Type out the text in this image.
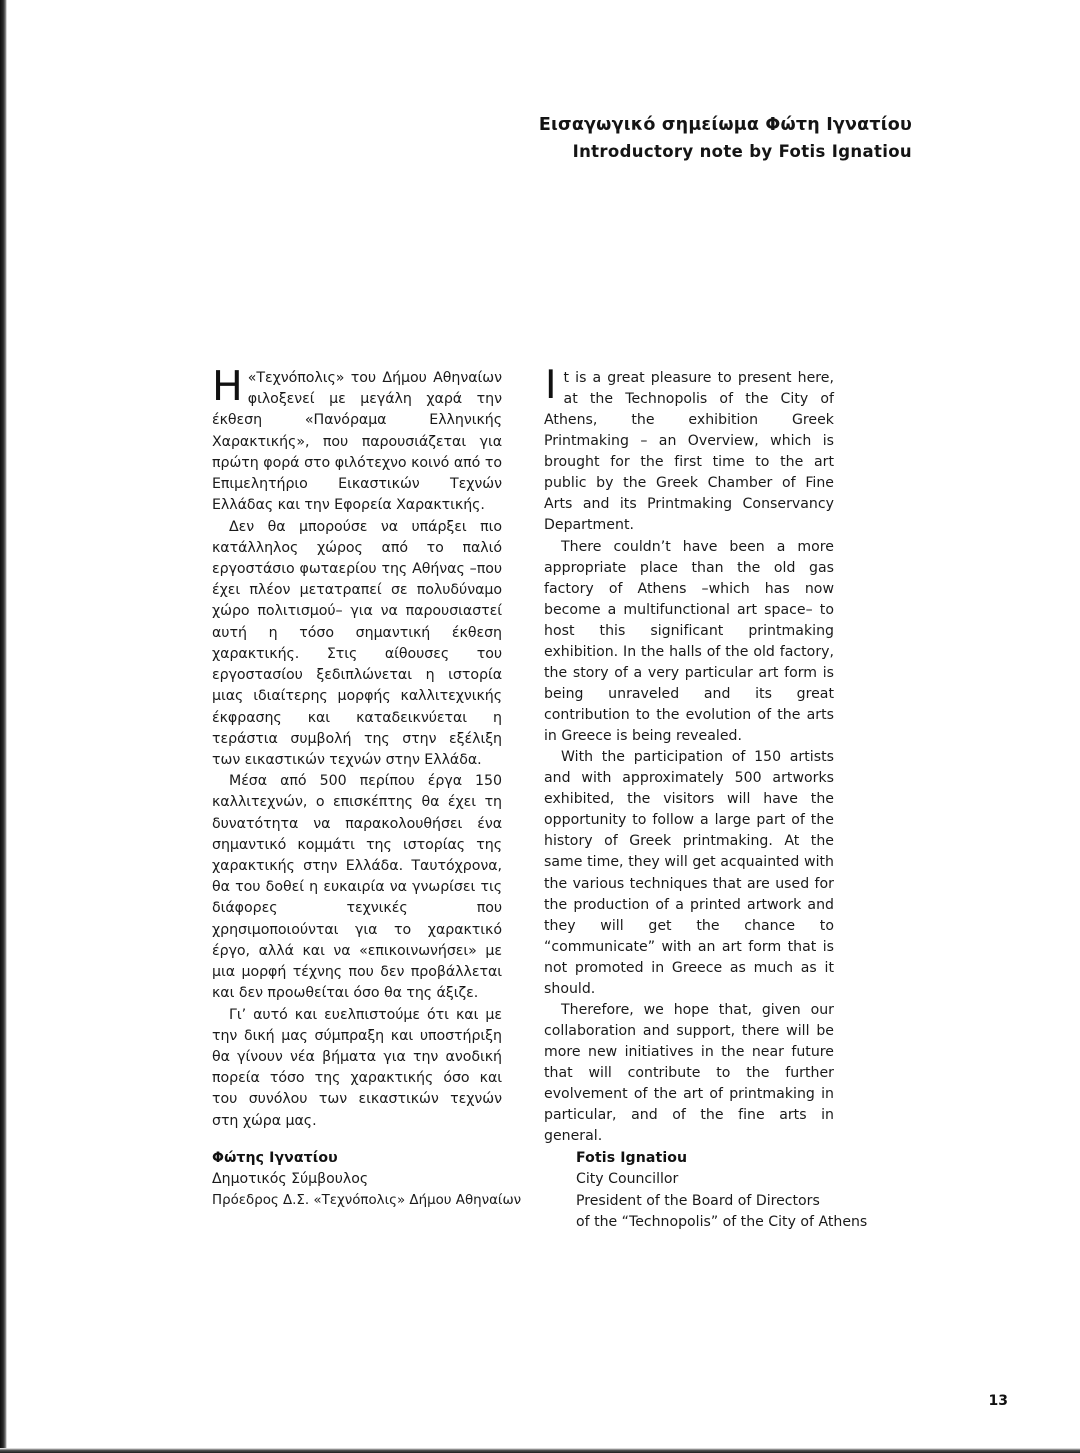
Εισαγωγικό σημείωμα Φώτη Ιγνατίου
Introductory note by Fotis Ignatiou

Η «Τεχνόπολις» του Δήμου Αθηναίων φιλοξενεί με μεγάλη χαρά την έκθεση «Πανόραμα Ελληνικής Χαρακτικής», που παρουσιάζεται για πρώτη φορά στο φιλότεχνο κοινό από το Επιμελητήριο Εικαστικών Τεχνών Ελλάδας και την Εφορεία Χαρακτικής.

Δεν θα μπορούσε να υπάρξει πιο κατάλληλος χώρος από το παλιό εργοστάσιο φωταερίου της Αθήνας –που έχει πλέον μετατραπεί σε πολυδύναμο χώρο πολιτισμού– για να παρουσιαστεί αυτή η τόσο σημαντική έκθεση χαρακτικής. Στις αίθουσες του εργοστασίου ξεδιπλώνεται η ιστορία μιας ιδιαίτερης μορφής καλλιτεχνικής έκφρασης και καταδεικνύεται η τεράστια συμβολή της στην εξέλιξη των εικαστικών τεχνών στην Ελλάδα.

Μέσα από 500 περίπου έργα 150 καλλιτεχνών, ο επισκέπτης θα έχει τη δυνατότητα να παρακολουθήσει ένα σημαντικό κομμάτι της ιστορίας της χαρακτικής στην Ελλάδα. Ταυτόχρονα, θα του δοθεί η ευκαιρία να γνωρίσει τις διάφορες τεχνικές που χρησιμοποιούνται για το χαρακτικό έργο, αλλά και να «επικοινωνήσει» με μια μορφή τέχνης που δεν προβάλλεται και δεν προωθείται όσο θα της άξιζε.

Γι’ αυτό και ευελπιστούμε ότι και με την δική μας σύμπραξη και υποστήριξη θα γίνουν νέα βήματα για την ανοδική πορεία τόσο της χαρακτικής όσο και του συνόλου των εικαστικών τεχνών στη χώρα μας.

It is a great pleasure to present here, at the Technopolis of the City of Athens, the exhibition Greek Printmaking – an Overview, which is brought for the first time to the art public by the Greek Chamber of Fine Arts and its Printmaking Conservancy Department.

There couldn’t have been a more appropriate place than the old gas factory of Athens –which has now become a multifunctional art space– to host this significant printmaking exhibition. In the halls of the old factory, the story of a very particular art form is being unraveled and its great contribution to the evolution of the arts in Greece is being revealed.

With the participation of 150 artists and with approximately 500 artworks exhibited, the visitors will have the opportunity to follow a large part of the history of Greek printmaking. At the same time, they will get acquainted with the various techniques that are used for the production of a printed artwork and they will get the chance to “communicate” with an art form that is not promoted in Greece as much as it should.

Therefore, we hope that, given our collaboration and support, there will be more new initiatives in the near future that will contribute to the further evolvement of the art of printmaking in particular, and of the fine arts in general.

Φώτης Ιγνατίου
Δημοτικός Σύμβουλος
Πρόεδρος Δ.Σ. «Τεχνόπολις» Δήμου Αθηναίων
Fotis Ignatiou
City Councillor
President of the Board of Directors
of the “Technopolis” of the City of Athens
13
